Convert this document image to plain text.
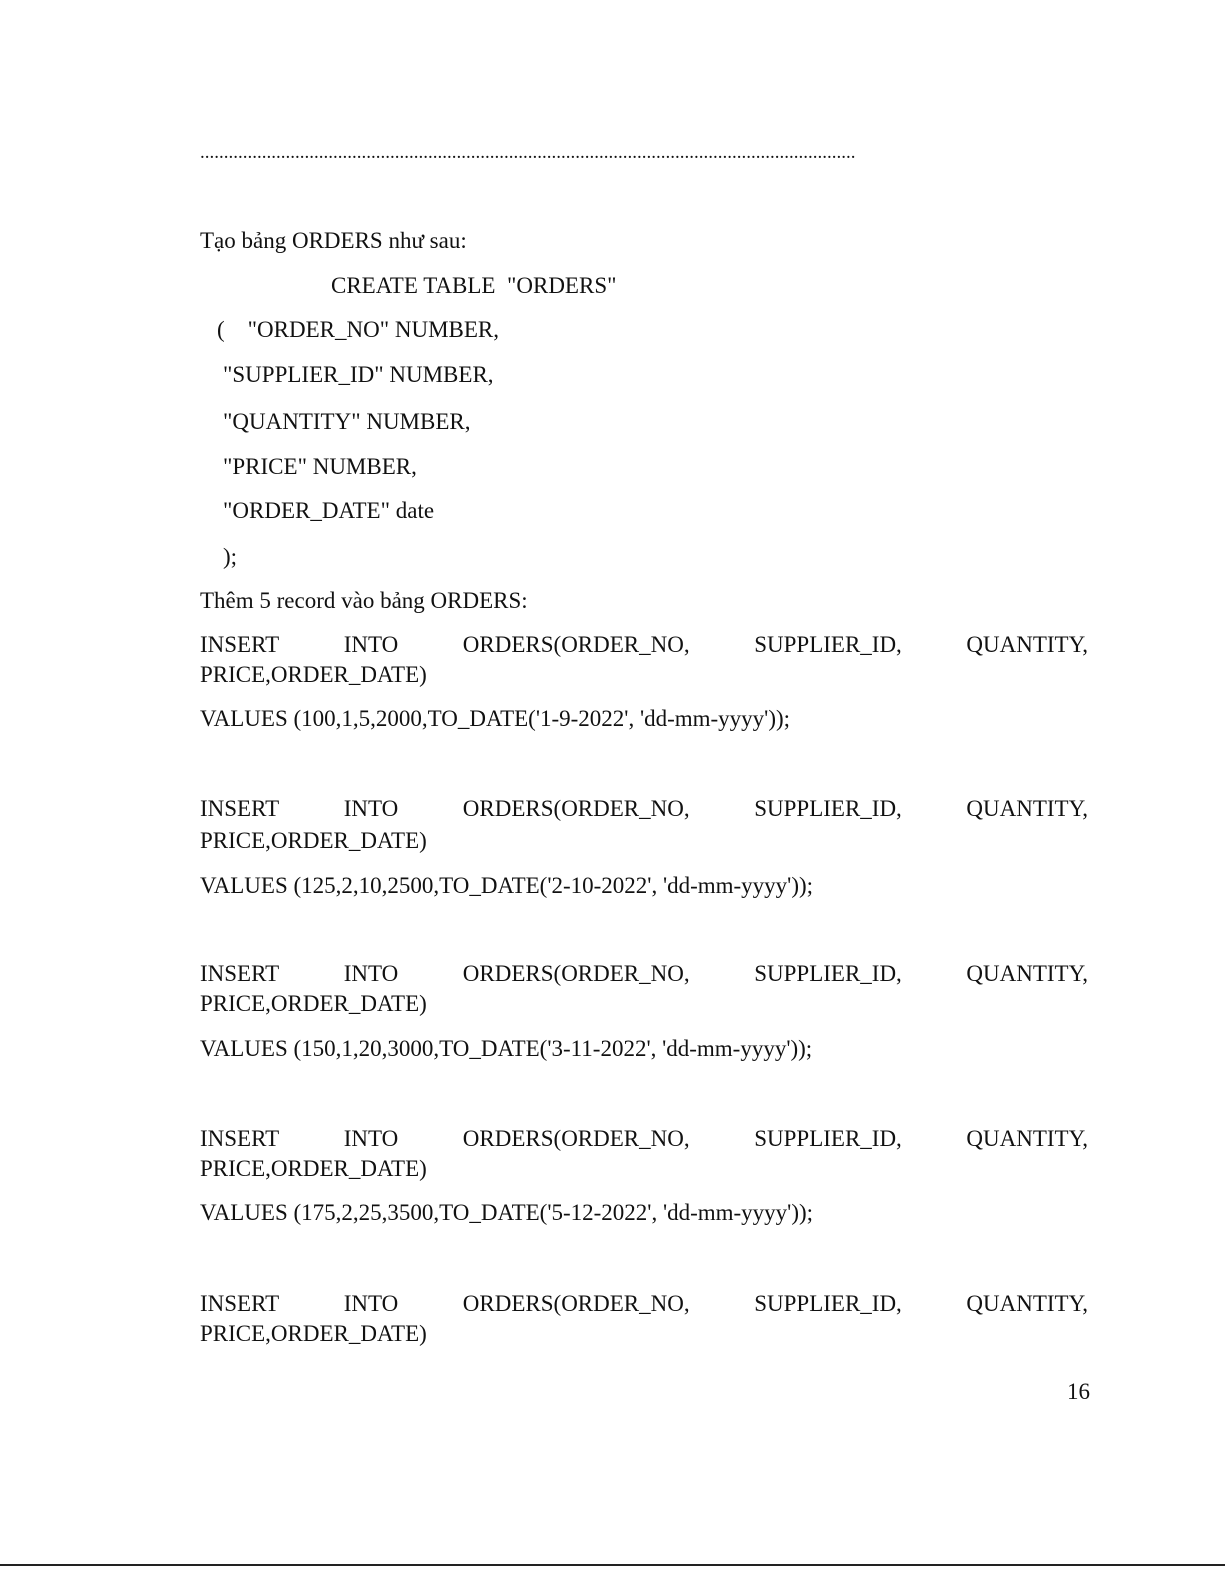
..........................................................................................................................................
Tạo bảng ORDERS như sau:
CREATE TABLE  "ORDERS"
(    "ORDER_NO" NUMBER,
"SUPPLIER_ID" NUMBER,
"QUANTITY" NUMBER,
"PRICE" NUMBER,
"ORDER_DATE" date
);
Thêm 5 record vào bảng ORDERS:
INSERT	INTO	ORDERS(ORDER_NO,	SUPPLIER_ID,	QUANTITY,
PRICE,ORDER_DATE)
VALUES (100,1,5,2000,TO_DATE('1-9-2022', 'dd-mm-yyyy'));
INSERT	INTO	ORDERS(ORDER_NO,	SUPPLIER_ID,	QUANTITY,
PRICE,ORDER_DATE)
VALUES (125,2,10,2500,TO_DATE('2-10-2022', 'dd-mm-yyyy'));
INSERT	INTO	ORDERS(ORDER_NO,	SUPPLIER_ID,	QUANTITY,
PRICE,ORDER_DATE)
VALUES (150,1,20,3000,TO_DATE('3-11-2022', 'dd-mm-yyyy'));
INSERT	INTO	ORDERS(ORDER_NO,	SUPPLIER_ID,	QUANTITY,
PRICE,ORDER_DATE)
VALUES (175,2,25,3500,TO_DATE('5-12-2022', 'dd-mm-yyyy'));
INSERT	INTO	ORDERS(ORDER_NO,	SUPPLIER_ID,	QUANTITY,
PRICE,ORDER_DATE)
16
